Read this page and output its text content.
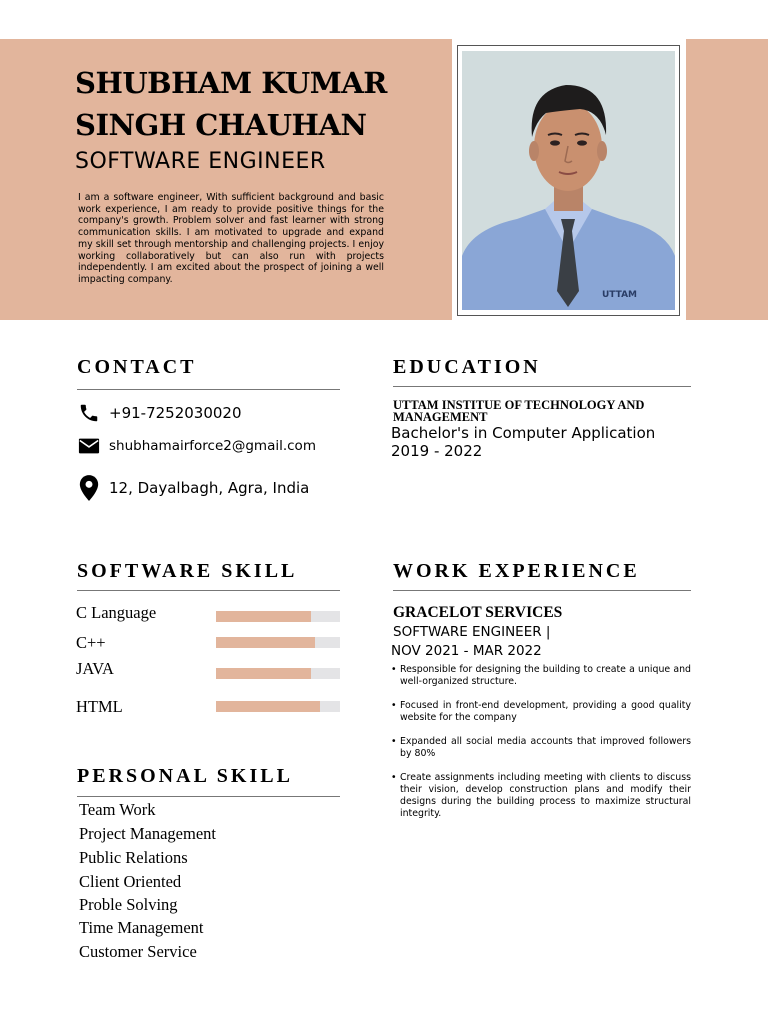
SHUBHAM KUMAR SINGH CHAUHAN
SOFTWARE ENGINEER
I am a software engineer, With sufficient background and basic work experience, I am ready to provide positive things for the company's growth. Problem solver and fast learner with strong communication skills. I am motivated to upgrade and expand my skill set through mentorship and challenging projects. I enjoy working collaboratively but can also run with projects independently. I am excited about the prospect of joining a well impacting company.
UTTAM
CONTACT
+91-7252030020
shubhamairforce2@gmail.com
12, Dayalbagh, Agra, India
EDUCATION
UTTAM INSTITUE OF TECHNOLOGY AND MANAGEMENT
Bachelor's in Computer Application
2019 - 2022
SOFTWARE SKILL
C Language
C++
JAVA
HTML
PERSONAL SKILL
Team Work
Project Management
Public Relations
Client Oriented
Proble Solving
Time Management
Customer Service
WORK EXPERIENCE
GRACELOT SERVICES
SOFTWARE ENGINEER |
NOV 2021 - MAR 2022
• Responsible for designing the building to create a unique and well-organized structure.
• Focused in front-end development, providing a good quality website for the company
• Expanded all social media accounts that improved followers by 80%
• Create assignments including meeting with clients to discuss their vision, develop construction plans and modify their designs during the building process to maximize structural integrity.
